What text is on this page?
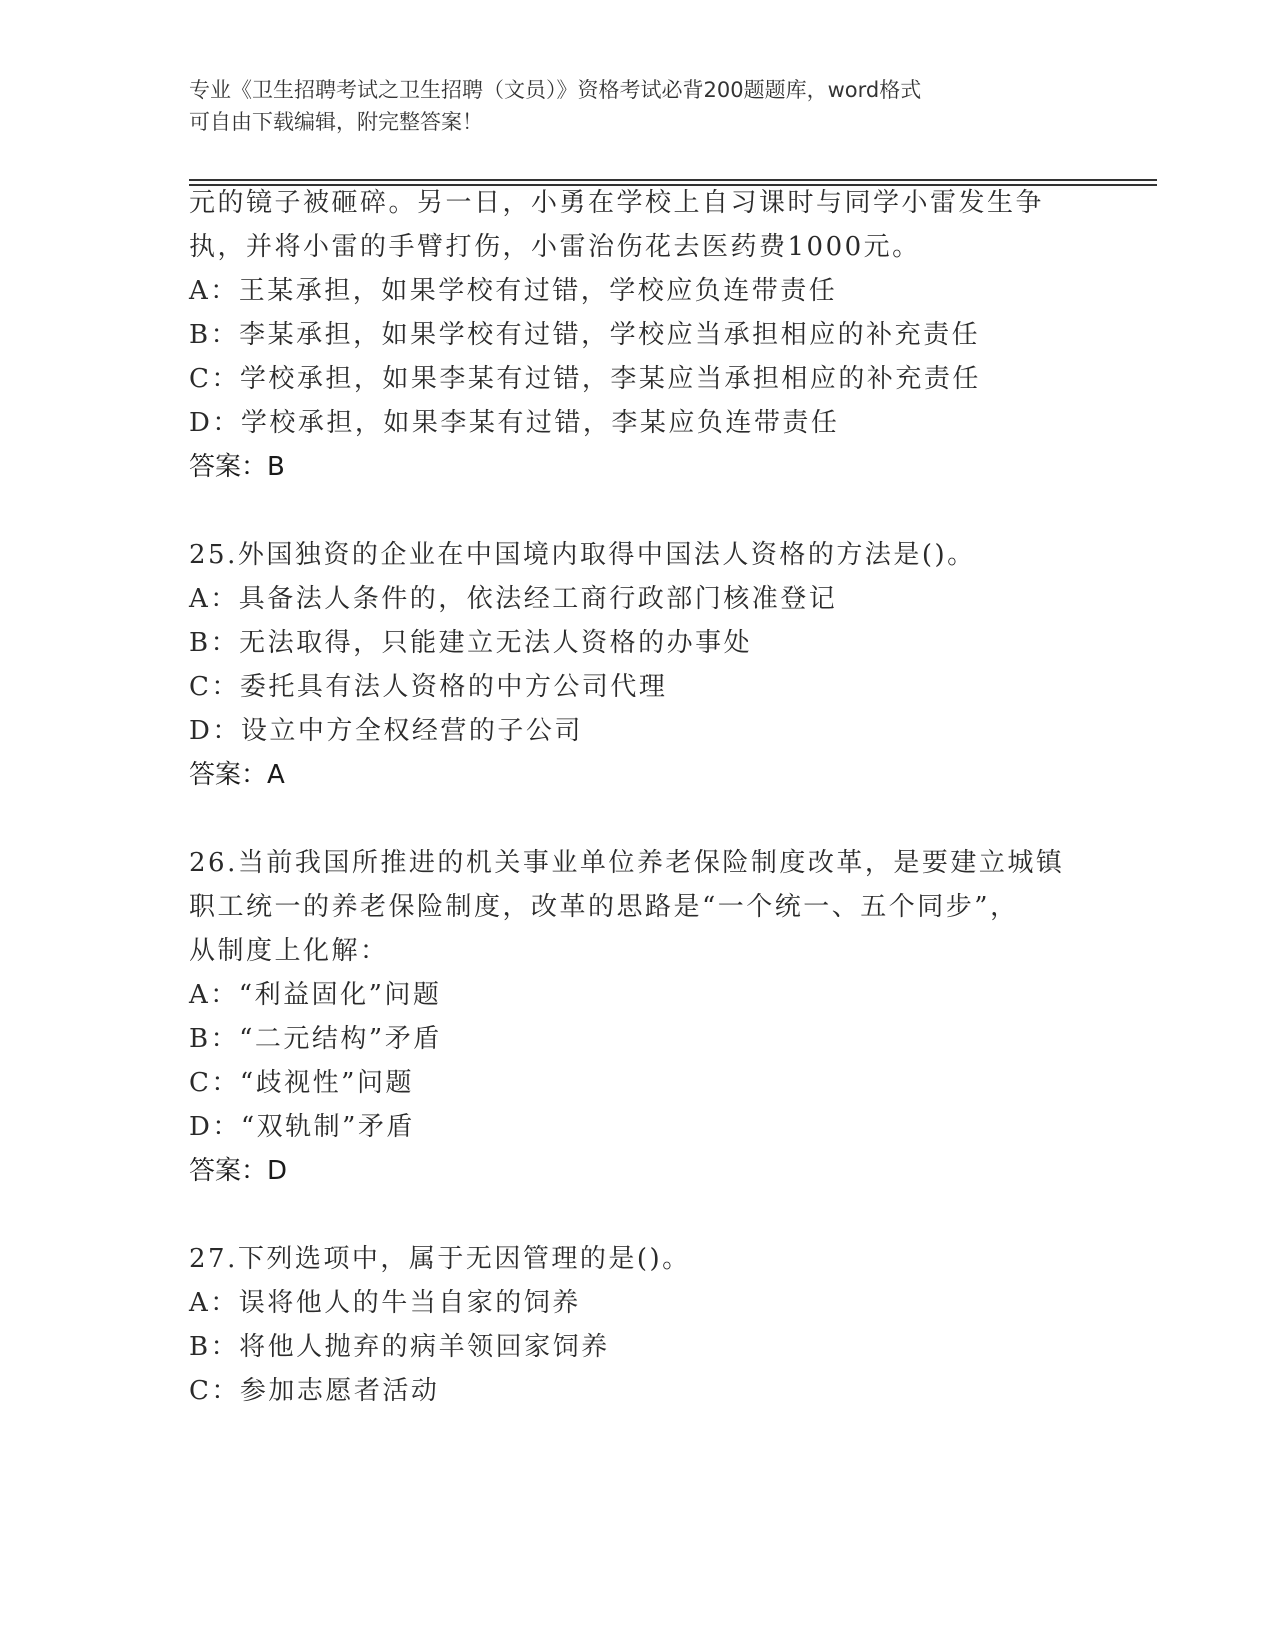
专业《卫生招聘考试之卫生招聘（文员）》资格考试必背200题题库，word格式
可自由下载编辑，附完整答案！
元的镜子被砸碎。另一日，小勇在学校上自习课时与同学小雷发生争
执，并将小雷的手臂打伤，小雷治伤花去医药费1000元。
A：王某承担，如果学校有过错，学校应负连带责任
B：李某承担，如果学校有过错，学校应当承担相应的补充责任
C：学校承担，如果李某有过错，李某应当承担相应的补充责任
D：学校承担，如果李某有过错，李某应负连带责任
答案：B
25.外国独资的企业在中国境内取得中国法人资格的方法是()。
A：具备法人条件的，依法经工商行政部门核准登记
B：无法取得，只能建立无法人资格的办事处
C：委托具有法人资格的中方公司代理
D：设立中方全权经营的子公司
答案：A
26.当前我国所推进的机关事业单位养老保险制度改革，是要建立城镇
职工统一的养老保险制度，改革的思路是“一个统一、五个同步”，
从制度上化解：
A：“利益固化”问题
B：“二元结构”矛盾
C：“歧视性”问题
D：“双轨制”矛盾
答案：D
27.下列选项中，属于无因管理的是()。
A：误将他人的牛当自家的饲养
B：将他人抛弃的病羊领回家饲养
C：参加志愿者活动
